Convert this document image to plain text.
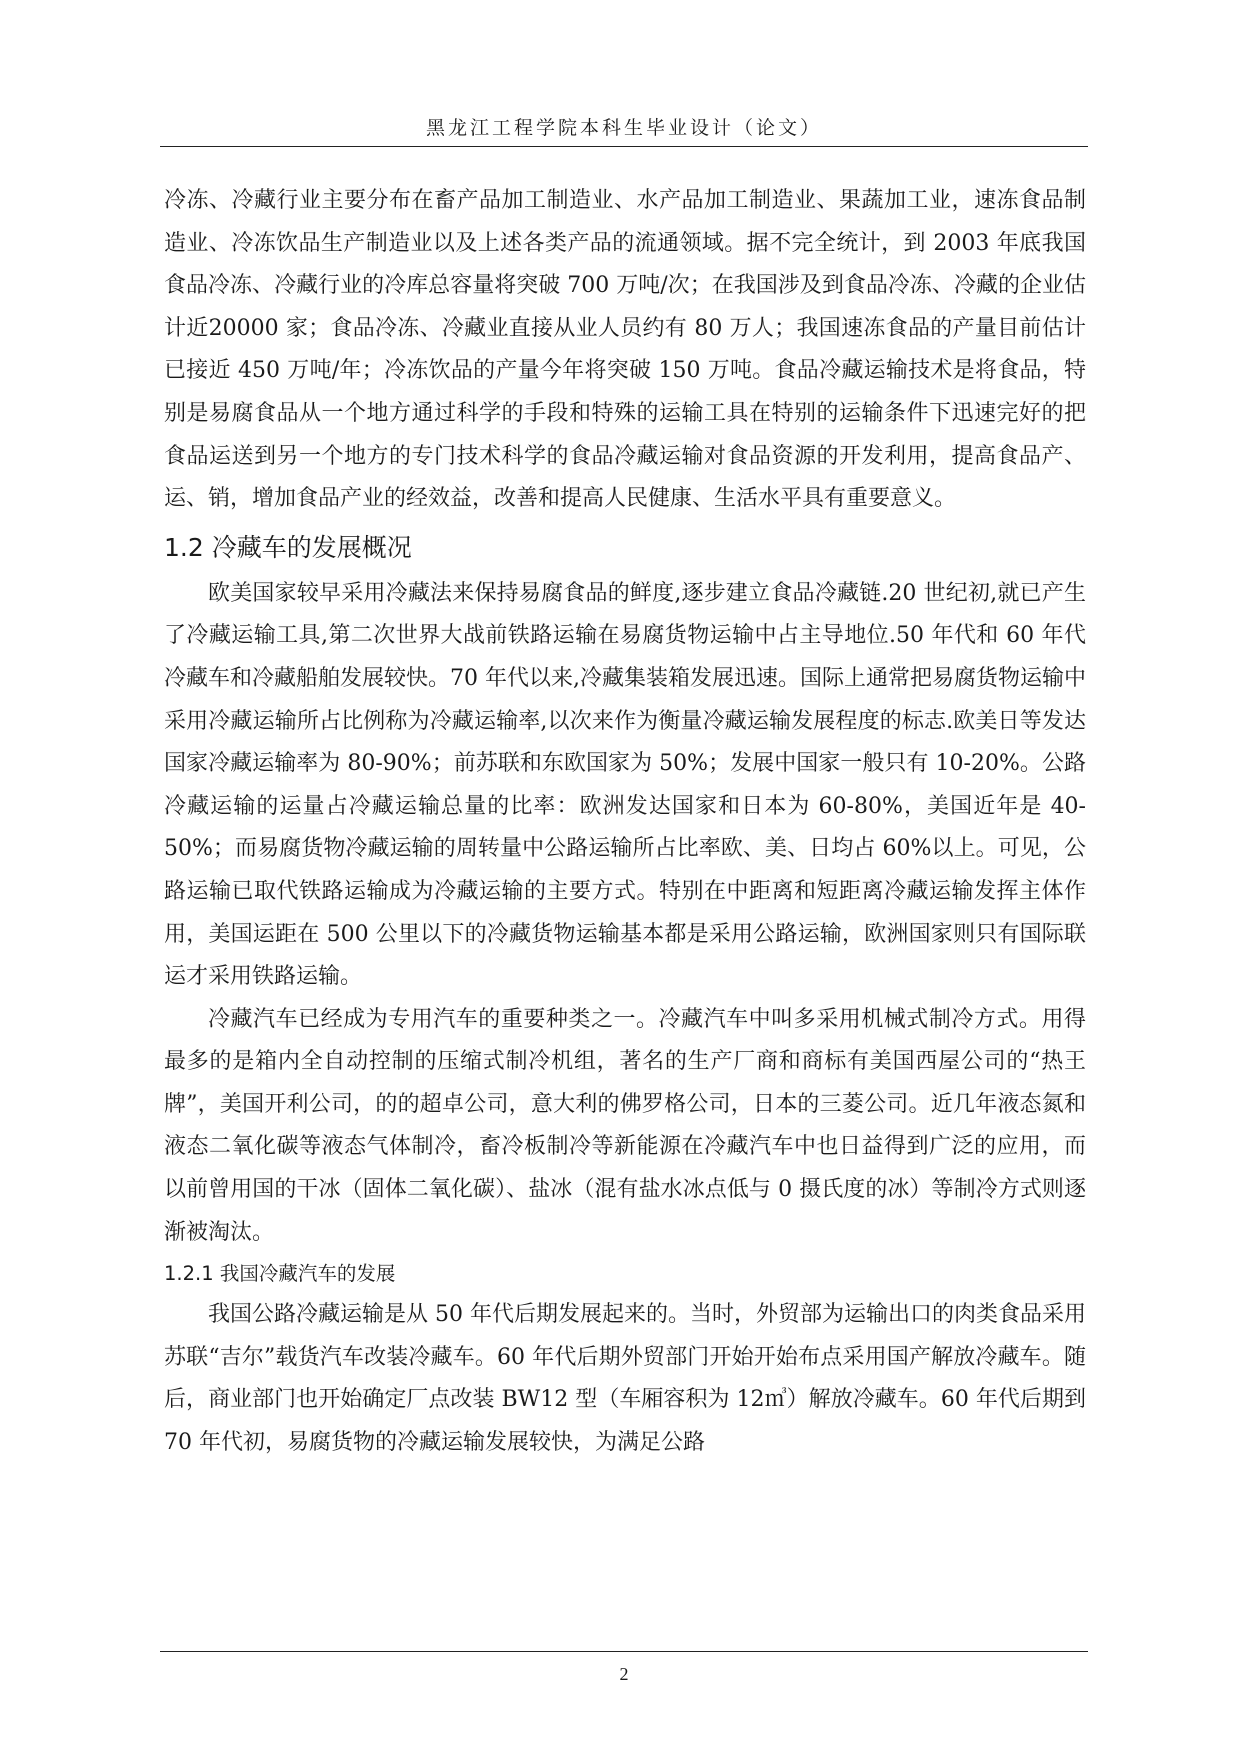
黑龙江工程学院本科生毕业设计（论文）

冷冻、冷藏行业主要分布在畜产品加工制造业、水产品加工制造业、果蔬加工业，速冻食品制造业、冷冻饮品生产制造业以及上述各类产品的流通领域。据不完全统计，到 2003 年底我国食品冷冻、冷藏行业的冷库总容量将突破 700 万吨/次；在我国涉及到食品冷冻、冷藏的企业估计近20000 家；食品冷冻、冷藏业直接从业人员约有 80 万人；我国速冻食品的产量目前估计已接近 450 万吨/年；冷冻饮品的产量今年将突破 150 万吨。食品冷藏运输技术是将食品，特别是易腐食品从一个地方通过科学的手段和特殊的运输工具在特别的运输条件下迅速完好的把食品运送到另一个地方的专门技术科学的食品冷藏运输对食品资源的开发利用，提高食品产、运、销，增加食品产业的经效益，改善和提高人民健康、生活水平具有重要意义。

1.2 冷藏车的发展概况

欧美国家较早采用冷藏法来保持易腐食品的鲜度,逐步建立食品冷藏链.20 世纪初,就已产生了冷藏运输工具,第二次世界大战前铁路运输在易腐货物运输中占主导地位.50 年代和 60 年代冷藏车和冷藏船舶发展较快。70 年代以来,冷藏集装箱发展迅速。国际上通常把易腐货物运输中采用冷藏运输所占比例称为冷藏运输率,以次来作为衡量冷藏运输发展程度的标志.欧美日等发达国家冷藏运输率为 80-90%；前苏联和东欧国家为 50%；发展中国家一般只有 10-20%。公路冷藏运输的运量占冷藏运输总量的比率：欧洲发达国家和日本为 60-80%，美国近年是 40-50%；而易腐货物冷藏运输的周转量中公路运输所占比率欧、美、日均占 60%以上。可见，公路运输已取代铁路运输成为冷藏运输的主要方式。特别在中距离和短距离冷藏运输发挥主体作用，美国运距在 500 公里以下的冷藏货物运输基本都是采用公路运输，欧洲国家则只有国际联运才采用铁路运输。

冷藏汽车已经成为专用汽车的重要种类之一。冷藏汽车中叫多采用机械式制冷方式。用得最多的是箱内全自动控制的压缩式制冷机组，著名的生产厂商和商标有美国西屋公司的“热王牌”，美国开利公司，的的超卓公司，意大利的佛罗格公司，日本的三菱公司。近几年液态氮和液态二氧化碳等液态气体制冷，畜冷板制冷等新能源在冷藏汽车中也日益得到广泛的应用，而以前曾用国的干冰（固体二氧化碳）、盐冰（混有盐水冰点低与 0 摄氏度的冰）等制冷方式则逐渐被淘汰。

1.2.1 我国冷藏汽车的发展

我国公路冷藏运输是从 50 年代后期发展起来的。当时，外贸部为运输出口的肉类食品采用苏联“吉尔”载货汽车改装冷藏车。60 年代后期外贸部门开始开始布点采用国产解放冷藏车。随后，商业部门也开始确定厂点改装 BW12 型（车厢容积为 12㎥）解放冷藏车。60 年代后期到 70 年代初，易腐货物的冷藏运输发展较快，为满足公路

2
